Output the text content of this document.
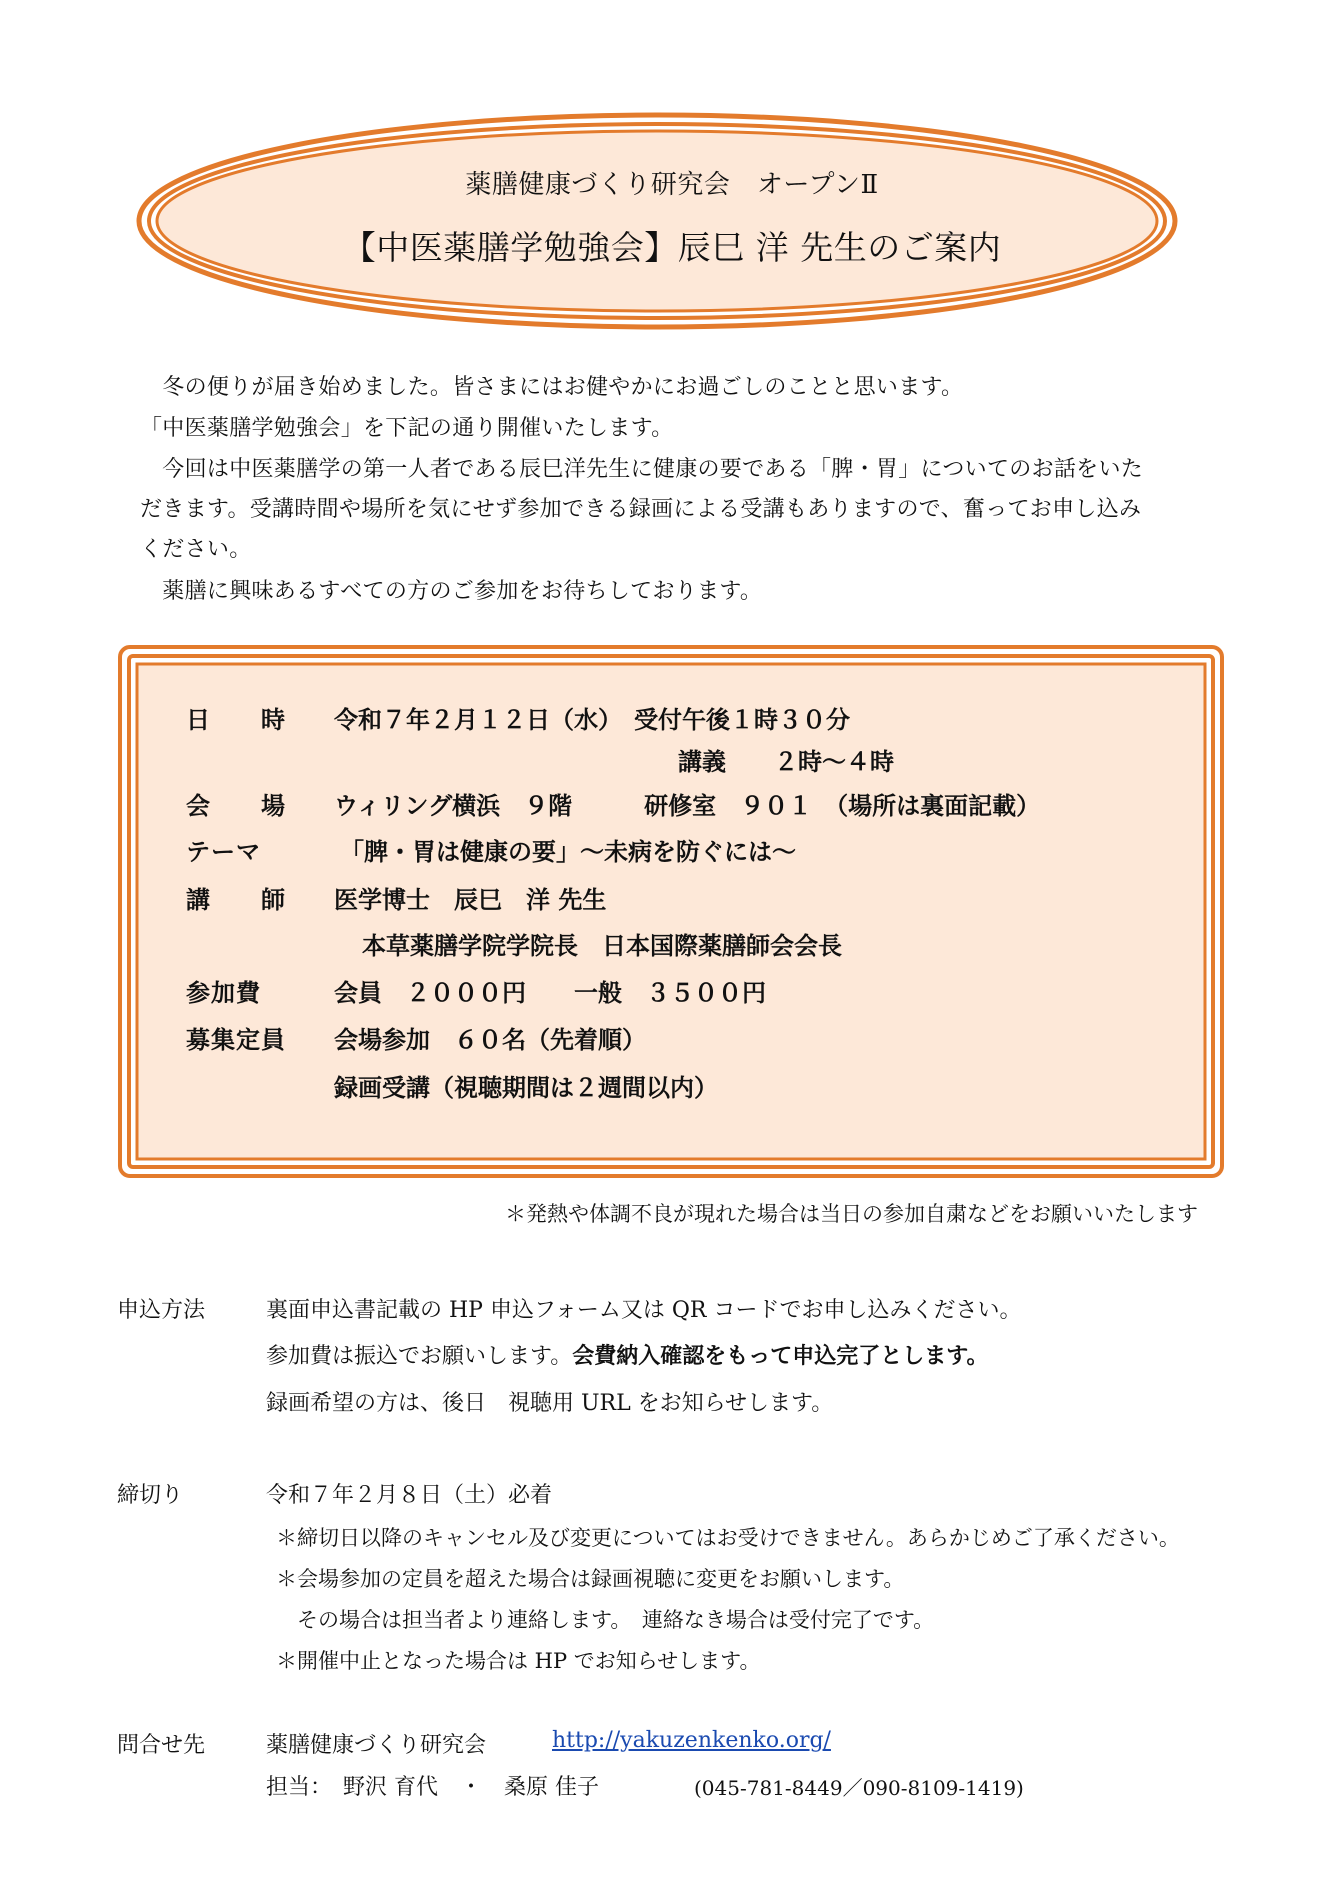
薬膳健康づくり研究会　オープンⅡ
【中医薬膳学勉強会】辰巳 洋 先生のご案内
　冬の便りが届き始めました。皆さまにはお健やかにお過ごしのことと思います。
「中医薬膳学勉強会」を下記の通り開催いたします。
　今回は中医薬膳学の第一人者である辰巳洋先生に健康の要である「脾・胃」についてのお話をいた
だきます。受講時間や場所を気にせず参加できる録画による受講もありますので、奮ってお申し込み
ください。
　薬膳に興味あるすべての方のご参加をお待ちしております。
日　　時 令和７年２月１２日（水）　受付午後１時３０分
講義　　２時～４時
会　　場 ウィリング横浜　９階　　　研修室　９０１　（場所は裏面記載）
テーマ	「脾・胃は健康の要」～未病を防ぐには～
講　　師 医学博士　辰巳　洋 先生
本草薬膳学院学院長　日本国際薬膳師会会長
参加費	会員　２０００円　　一般　３５００円
募集定員 会場参加　６０名（先着順）
録画受講（視聴期間は２週間以内）
＊発熱や体調不良が現れた場合は当日の参加自粛などをお願いいたします
申込方法	裏面申込書記載の HP 申込フォーム又は QR コードでお申し込みください。
参加費は振込でお願いします。会費納入確認をもって申込完了とします。
録画希望の方は、後日　視聴用 URL をお知らせします。
締切り	令和７年２月８日（土）必着
＊締切日以降のキャンセル及び変更についてはお受けできません。あらかじめご了承ください。
＊会場参加の定員を超えた場合は録画視聴に変更をお願いします。
　その場合は担当者より連絡します。　連絡なき場合は受付完了です。
＊開催中止となった場合は HP でお知らせします。
問合せ先	薬膳健康づくり研究会	http://yakuzenkenko.org/
担当：　野沢 育代　・　桑原 佳子	(045-781-8449／090-8109-1419)
